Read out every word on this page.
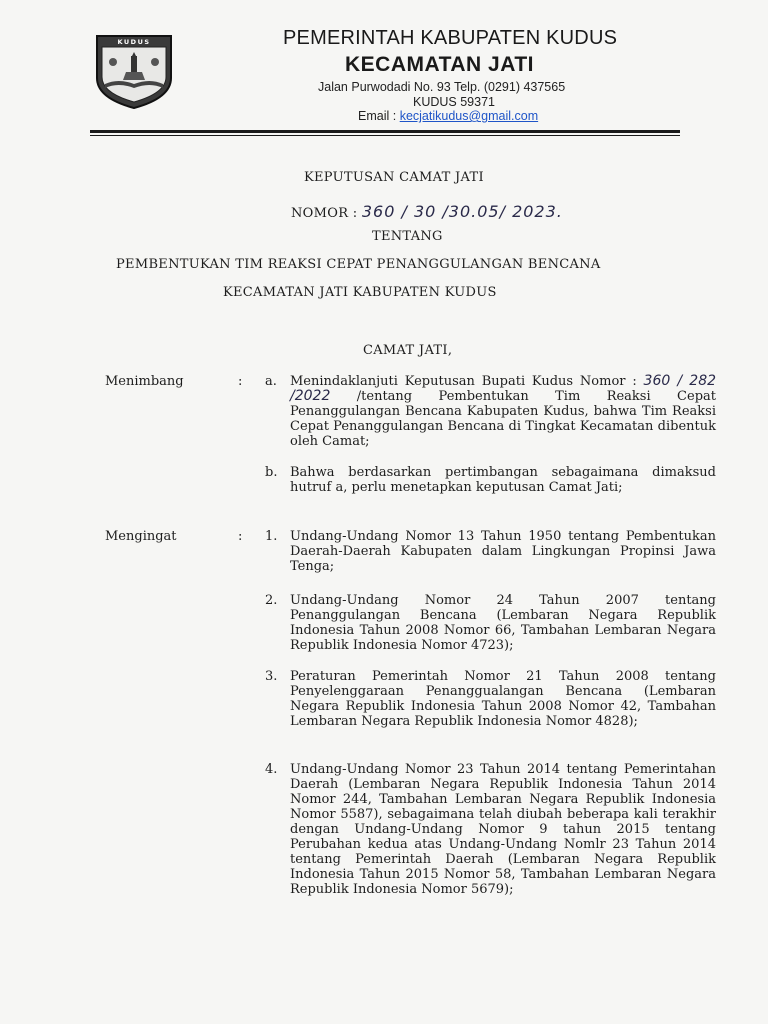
KUDUS	PEMERINTAH KABUPATEN KUDUS
KECAMATAN JATI
Jalan Purwodadi No. 93 Telp. (0291) 437565
KUDUS 59371
Email : kecjatikudus@gmail.com
KEPUTUSAN CAMAT JATI
NOMOR : 360 / 30 /30.05/ 2023.
TENTANG
PEMBENTUKAN TIM REAKSI CEPAT PENANGGULANGAN BENCANA
KECAMATAN JATI KABUPATEN KUDUS
CAMAT JATI,
Menimbang	: a. Menindaklanjuti Keputusan Bupati Kudus Nomor : 360 / 282 /2022 /tentang Pembentukan Tim Reaksi Cepat Penanggulangan Bencana Kabupaten Kudus, bahwa Tim Reaksi Cepat Penanggulangan Bencana di Tingkat Kecamatan dibentuk oleh Camat;
b. Bahwa berdasarkan pertimbangan sebagaimana dimaksud hutruf a, perlu menetapkan keputusan Camat Jati;
Mengingat	: 1. Undang-Undang Nomor 13 Tahun 1950 tentang Pembentukan Daerah-Daerah Kabupaten dalam Lingkungan Propinsi Jawa Tenga;
2. Undang-Undang Nomor 24 Tahun 2007 tentang Penanggulangan Bencana (Lembaran Negara Republik Indonesia Tahun 2008 Nomor 66, Tambahan Lembaran Negara Republik Indonesia Nomor 4723);
3. Peraturan Pemerintah Nomor 21 Tahun 2008 tentang Penyelenggaraan Penanggualangan Bencana (Lembaran Negara Republik Indonesia Tahun 2008 Nomor 42, Tambahan Lembaran Negara Republik Indonesia Nomor 4828);
4. Undang-Undang Nomor 23 Tahun 2014 tentang Pemerintahan Daerah (Lembaran Negara Republik Indonesia Tahun 2014 Nomor 244, Tambahan Lembaran Negara Republik Indonesia Nomor 5587), sebagaimana telah diubah beberapa kali terakhir dengan Undang-Undang Nomor 9 tahun 2015 tentang Perubahan kedua atas Undang-Undang Nomlr 23 Tahun 2014 tentang Pemerintah Daerah (Lembaran Negara Republik Indonesia Tahun 2015 Nomor 58, Tambahan Lembaran Negara Republik Indonesia Nomor 5679);
